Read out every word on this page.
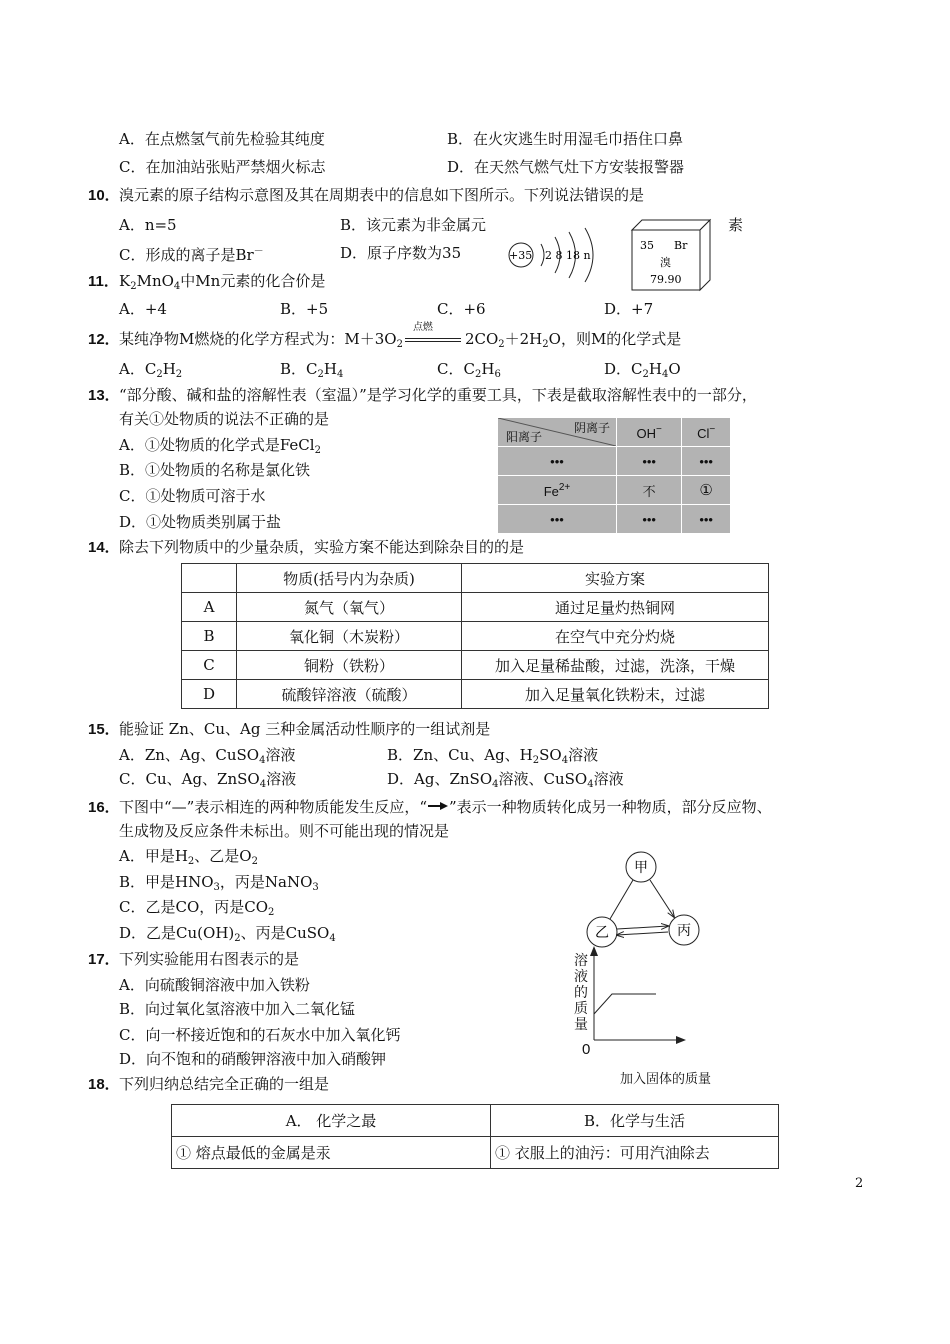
A．在点燃氢气前先检验其纯度	B．在火灾逃生时用湿毛巾捂住口鼻
C．在加油站张贴严禁烟火标志	D．在天然气燃气灶下方安装报警器
10． 溴元素的原子结构示意图及其在周期表中的信息如下图所示。下列说法错误的是
A．n=5	B．该元素为非金属元	素
C．形成的离子是Br－	D．原子序数为35	+35 2 8 18 n
35 Br
溴
79.90
11． $K_2MnO_4$中Mn元素的化合价是
A．+4	B．+5	C．+6	D．+7
12． 某纯净物M燃烧的化学方程式为：$M+3O_2$
点燃
$2CO_2+2H_2O$，则M的化学式是
A．$C_2H_2$	B．$C_2H_4$	C．$C_2H_6$	D．$C_2H_4O$
13． “部分酸、碱和盐的溶解性表（室温）”是学习化学的重要工具，下表是截取溶解性表中的一部分，
有关①处物质的说法不正确的是
A．①处物质的化学式是FeCl$_2$
B．①处物质的名称是氯化铁
C．①处物质可溶于水
D．①处物质类别属于盐
阴离子
阳离子	OH−	Cl−
•••	•••	•••
$Fe^{2+}$	不	①
•••	•••	•••
14． 除去下列物质中的少量杂质，实验方案不能达到除杂目的的是
	物质(括号内为杂质)	实验方案
A	氮气（氧气）	通过足量灼热铜网
B	氧化铜（木炭粉）	在空气中充分灼烧
C	铜粉（铁粉）	加入足量稀盐酸，过滤，洗涤，干燥
D	硫酸锌溶液（硫酸）	加入足量氧化铁粉末，过滤
15． 能验证 Zn、Cu、Ag 三种金属活动性顺序的一组试剂是
A．Zn、Ag、CuSO$_4$溶液	B．Zn、Cu、Ag、$H_2SO_4$溶液
C．Cu、Ag、ZnSO$_4$溶液	D．Ag、ZnSO$_4$溶液、CuSO$_4$溶液
16． 下图中“—”表示相连的两种物质能发生反应，“ ”表示一种物质转化成另一种物质，部分反应物、
生成物及反应条件未标出。则不可能出现的情况是
A．甲是$H_2$、乙是$O_2$
B．甲是$HNO_3$，丙是NaNO$_3$
C．乙是CO，丙是$CO_2$
D．乙是$Cu(OH)_2$、丙是CuSO$_4$
甲
乙	丙
17． 下列实验能用右图表示的是
A．向硫酸铜溶液中加入铁粉
B．向过氧化氢溶液中加入二氧化锰
C．向一杯接近饱和的石灰水中加入氧化钙
D．向不饱和的硝酸钾溶液中加入硝酸钾
溶液的质量
0
加入固体的质量
18． 下列归纳总结完全正确的一组是
A． 化学之最	B．化学与生活
① 熔点最低的金属是汞	① 衣服上的油污：可用汽油除去
2
